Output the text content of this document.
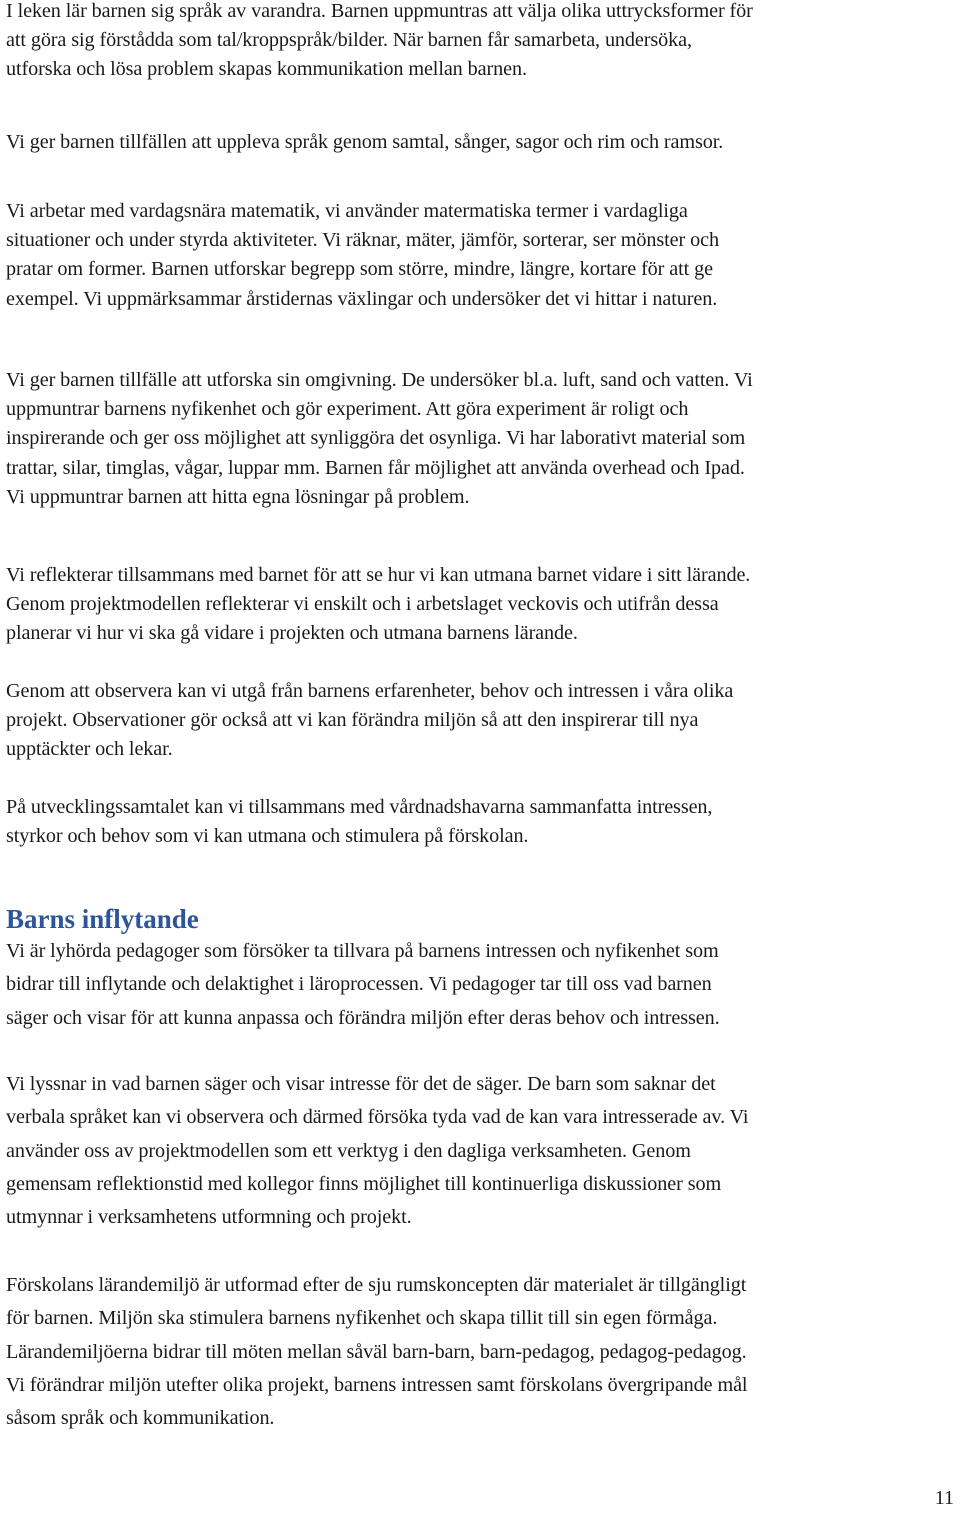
I leken lär barnen sig språk av varandra. Barnen uppmuntras att välja olika uttrycksformer för
att göra sig förstådda som tal/kroppspråk/bilder. När barnen får samarbeta, undersöka,
utforska och lösa problem skapas kommunikation mellan barnen.

Vi ger barnen tillfällen att uppleva språk genom samtal, sånger, sagor och rim och ramsor.

Vi arbetar med vardagsnära matematik, vi använder matermatiska termer i vardagliga
situationer och under styrda aktiviteter. Vi räknar, mäter, jämför, sorterar, ser mönster och
pratar om former. Barnen utforskar begrepp som större, mindre, längre, kortare för att ge
exempel. Vi uppmärksammar årstidernas växlingar och undersöker det vi hittar i naturen.

Vi ger barnen tillfälle att utforska sin omgivning. De undersöker bl.a. luft, sand och vatten. Vi
uppmuntrar barnens nyfikenhet och gör experiment. Att göra experiment är roligt och
inspirerande och ger oss möjlighet att synliggöra det osynliga. Vi har laborativt material som
trattar, silar, timglas, vågar, luppar mm. Barnen får möjlighet att använda overhead och Ipad.
Vi uppmuntrar barnen att hitta egna lösningar på problem.

Vi reflekterar tillsammans med barnet för att se hur vi kan utmana barnet vidare i sitt lärande.
Genom projektmodellen reflekterar vi enskilt och i arbetslaget veckovis och utifrån dessa
planerar vi hur vi ska gå vidare i projekten och utmana barnens lärande.

Genom att observera kan vi utgå från barnens erfarenheter, behov och intressen i våra olika
projekt. Observationer gör också att vi kan förändra miljön så att den inspirerar till nya
upptäckter och lekar.

På utvecklingssamtalet kan vi tillsammans med vårdnadshavarna sammanfatta intressen,
styrkor och behov som vi kan utmana och stimulera på förskolan.

Barns inflytande

Vi är lyhörda pedagoger som försöker ta tillvara på barnens intressen och nyfikenhet som
bidrar till inflytande och delaktighet i läroprocessen. Vi pedagoger tar till oss vad barnen
säger och visar för att kunna anpassa och förändra miljön efter deras behov och intressen.

Vi lyssnar in vad barnen säger och visar intresse för det de säger. De barn som saknar det
verbala språket kan vi observera och därmed försöka tyda vad de kan vara intresserade av. Vi
använder oss av projektmodellen som ett verktyg i den dagliga verksamheten. Genom
gemensam reflektionstid med kollegor finns möjlighet till kontinuerliga diskussioner som
utmynnar i verksamhetens utformning och projekt.

Förskolans lärandemiljö är utformad efter de sju rumskoncepten där materialet är tillgängligt
för barnen. Miljön ska stimulera barnens nyfikenhet och skapa tillit till sin egen förmåga.
Lärandemiljöerna bidrar till möten mellan såväl barn-barn, barn-pedagog, pedagog-pedagog.
Vi förändrar miljön utefter olika projekt, barnens intressen samt förskolans övergripande mål
såsom språk och kommunikation.

11
